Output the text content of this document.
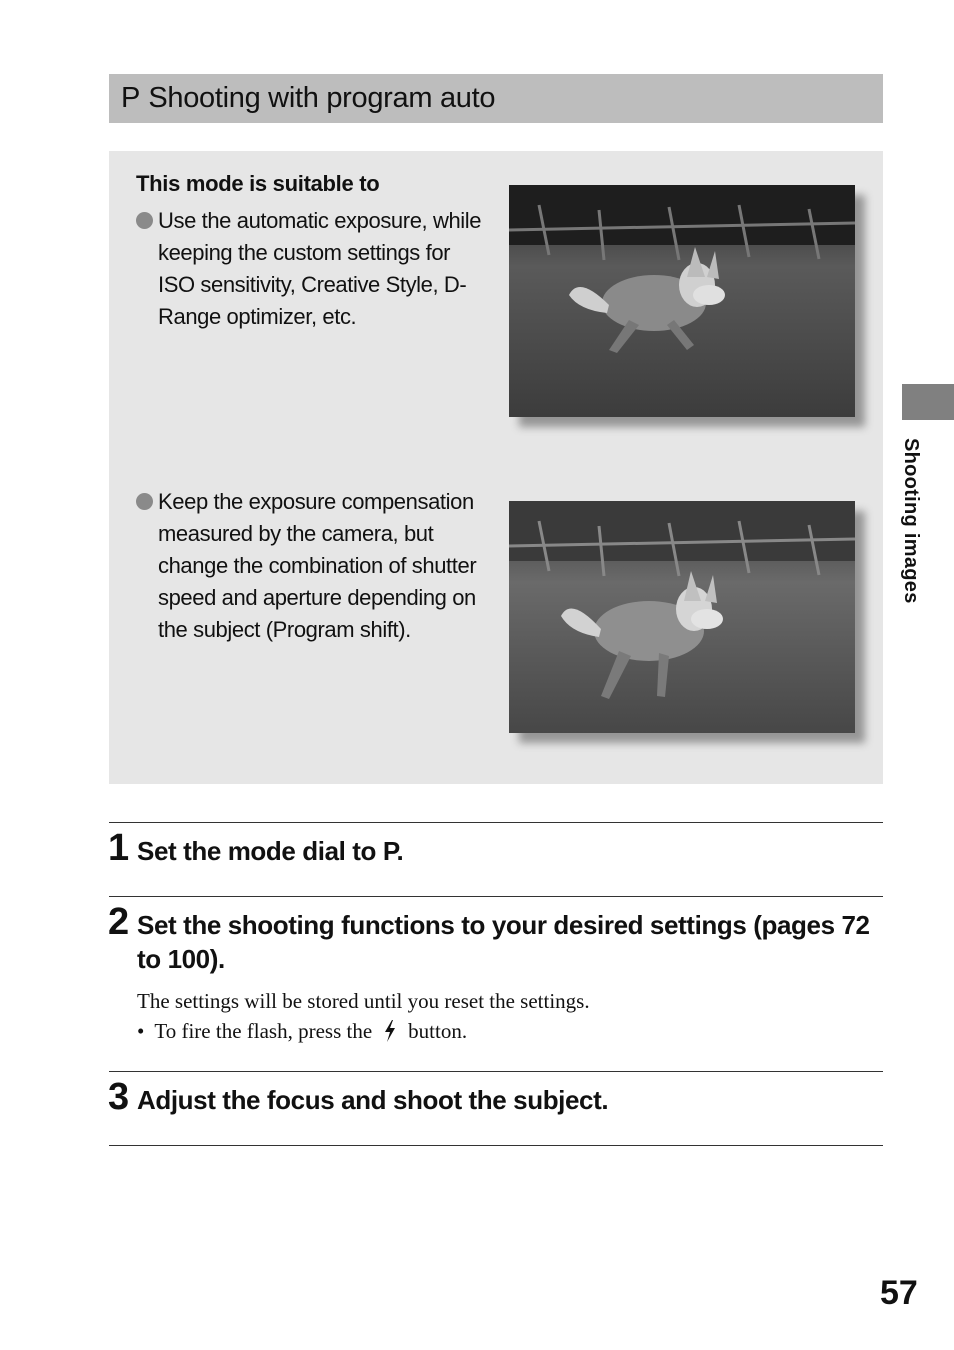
P Shooting with program auto
This mode is suitable to
Use the automatic exposure, while keeping the custom settings for ISO sensitivity, Creative Style, D-Range optimizer, etc.
Keep the exposure compensation measured by the camera, but change the combination of shutter speed and aperture depending on the subject (Program shift).
1 Set the mode dial to P.
2 Set the shooting functions to your desired settings (pages 72 to 100).
The settings will be stored until you reset the settings.
• To fire the flash, press the button.
3 Adjust the focus and shoot the subject.
Shooting images
57
